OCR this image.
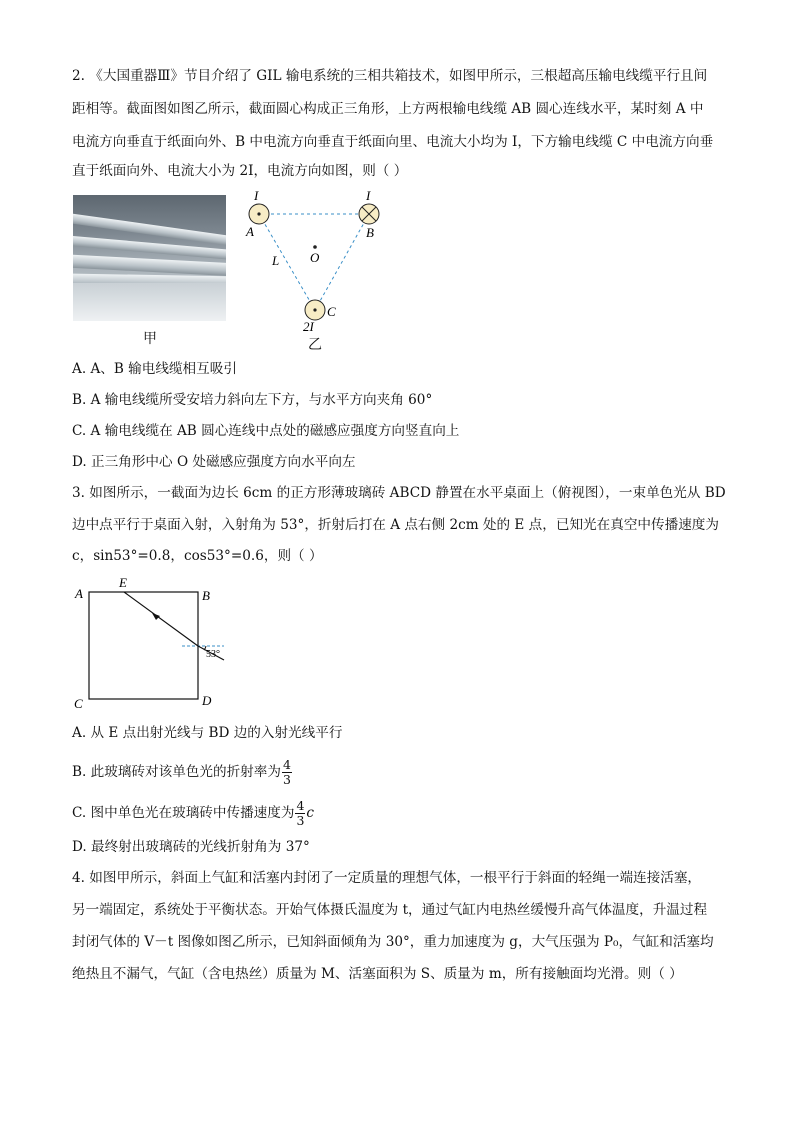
2. 《大国重器Ⅲ》节目介绍了 GIL 输电系统的三相共箱技术，如图甲所示，三根超高压输电线缆平行且间
距相等。截面图如图乙所示，截面圆心构成正三角形，上方两根输电线缆 AB 圆心连线水平，某时刻 A 中
电流方向垂直于纸面向外、B 中电流方向垂直于纸面向里、电流大小均为 I，下方输电线缆 C 中电流方向垂
直于纸面向外、电流大小为 2I，电流方向如图，则（ ）
甲
I	I
A	B
O
L
C
2I
乙
A. A、B 输电线缆相互吸引
B. A 输电线缆所受安培力斜向左下方，与水平方向夹角 60°
C. A 输电线缆在 AB 圆心连线中点处的磁感应强度方向竖直向上
D. 正三角形中心 O 处磁感应强度方向水平向左
3. 如图所示，一截面为边长 6cm 的正方形薄玻璃砖 ABCD 静置在水平桌面上（俯视图），一束单色光从 BD
边中点平行于桌面入射，入射角为 53°，折射后打在 A 点右侧 2cm 处的 E 点，已知光在真空中传播速度为
c，sin53°=0.8，cos53°=0.6，则（ ）
A
E
B
C	D
53°
A. 从 E 点出射光线与 BD 边的入射光线平行
B. 此玻璃砖对该单色光的折射率为 $\frac{4}{3}$
C. 图中单色光在玻璃砖中传播速度为 $\frac{4}{3}$ c
D. 最终射出玻璃砖的光线折射角为 37°
4. 如图甲所示，斜面上气缸和活塞内封闭了一定质量的理想气体，一根平行于斜面的轻绳一端连接活塞，
另一端固定，系统处于平衡状态。开始气体摄氏温度为 t，通过气缸内电热丝缓慢升高气体温度，升温过程
封闭气体的 V－t 图像如图乙所示，已知斜面倾角为 30°，重力加速度为 g，大气压强为 P₀，气缸和活塞均
绝热且不漏气，气缸（含电热丝）质量为 M、活塞面积为 S、质量为 m，所有接触面均光滑。则（ ）
